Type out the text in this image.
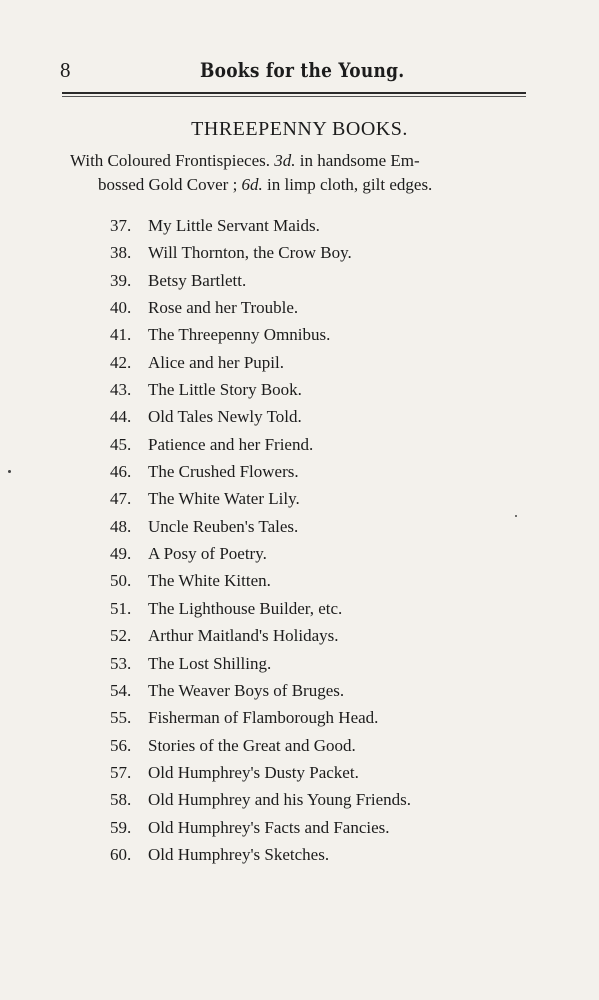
8	Books for the Young.
THREEPENNY BOOKS.
With Coloured Frontispieces. 3d. in handsome Em-
bossed Gold Cover ; 6d. in limp cloth, gilt edges.
37. My Little Servant Maids.
38. Will Thornton, the Crow Boy.
39. Betsy Bartlett.
40. Rose and her Trouble.
41. The Threepenny Omnibus.
42. Alice and her Pupil.
43. The Little Story Book.
44. Old Tales Newly Told.
45. Patience and her Friend.
46. The Crushed Flowers.
47. The White Water Lily.
48. Uncle Reuben's Tales.
49. A Posy of Poetry.
50. The White Kitten.
51. The Lighthouse Builder, etc.
52. Arthur Maitland's Holidays.
53. The Lost Shilling.
54. The Weaver Boys of Bruges.
55. Fisherman of Flamborough Head.
56. Stories of the Great and Good.
57. Old Humphrey's Dusty Packet.
58. Old Humphrey and his Young Friends.
59. Old Humphrey's Facts and Fancies.
60. Old Humphrey's Sketches.
